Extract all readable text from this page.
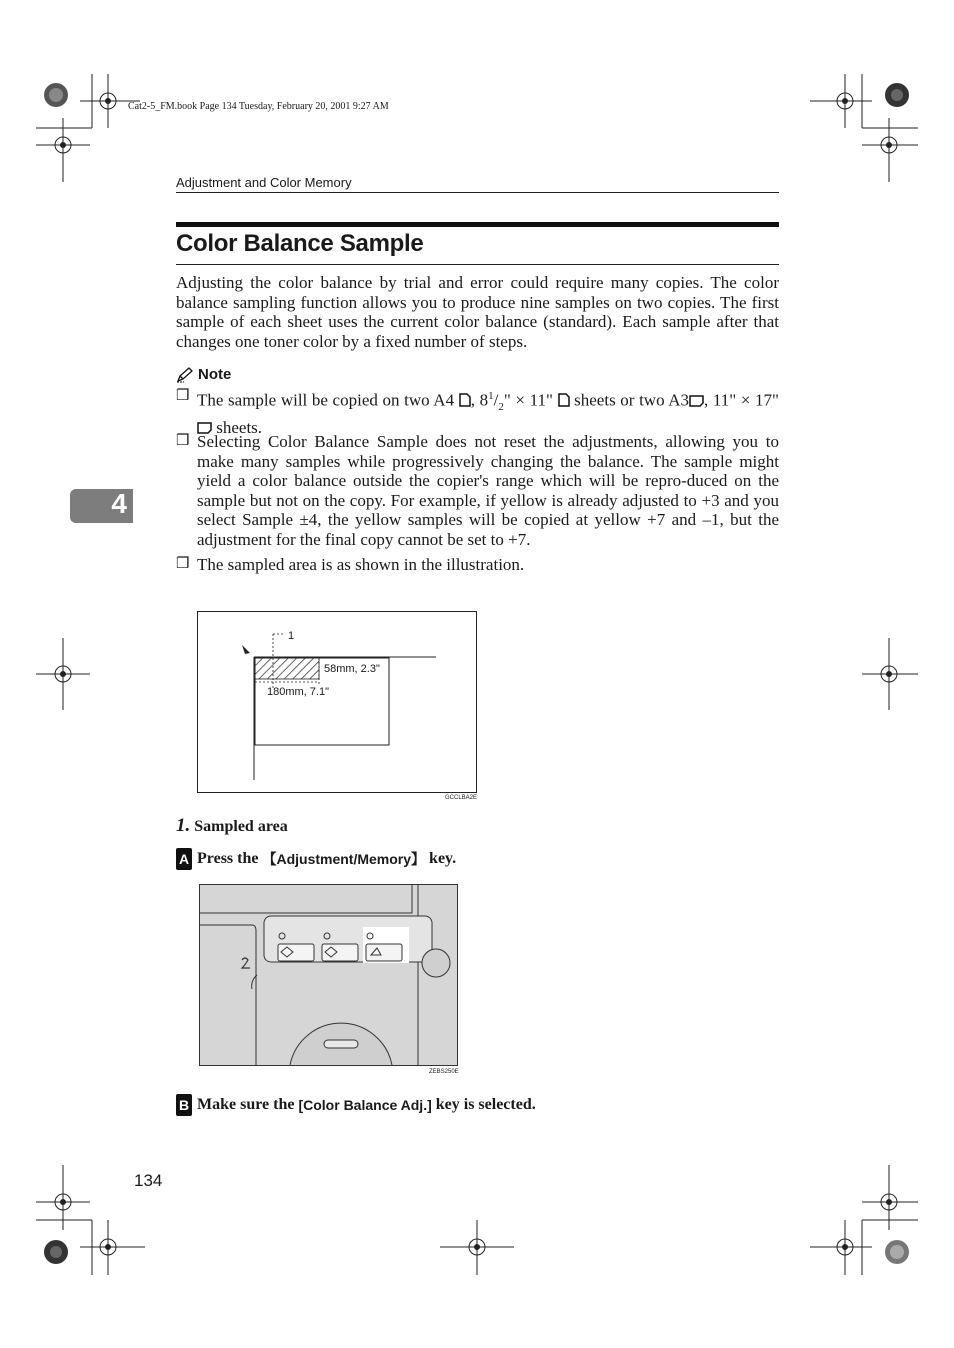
Cat2-5_FM.book Page 134 Tuesday, February 20, 2001 9:27 AM
Adjustment and Color Memory
Color Balance Sample

Adjusting the color balance by trial and error could require many copies. The color balance sampling function allows you to produce nine samples on two copies. The first sample of each sheet uses the current color balance (standard). Each sample after that changes one toner color by a fixed number of steps.

Note
❒ The sample will be copied on two A4 , $8^1/_2$" × 11"  sheets or two A3 , 11" × 17" sheets.
❒ Selecting Color Balance Sample does not reset the adjustments, allowing you to make many samples while progressively changing the balance. The sample might yield a color balance outside the copier's range which will be repro-duced on the sample but not on the copy. For example, if yellow is already adjusted to +3 and you select Sample ±4, the yellow samples will be copied at yellow +7 and –1, but the adjustment for the final copy cannot be set to +7.
❒ The sampled area is as shown in the illustration.
4
1
58mm, 2.3"
180mm, 7.1"
GCCLBA2E
1. Sampled area
A Press the 【Adjustment/Memory】 key.
ZEBS250E
B Make sure the [Color Balance Adj.] key is selected.
134
